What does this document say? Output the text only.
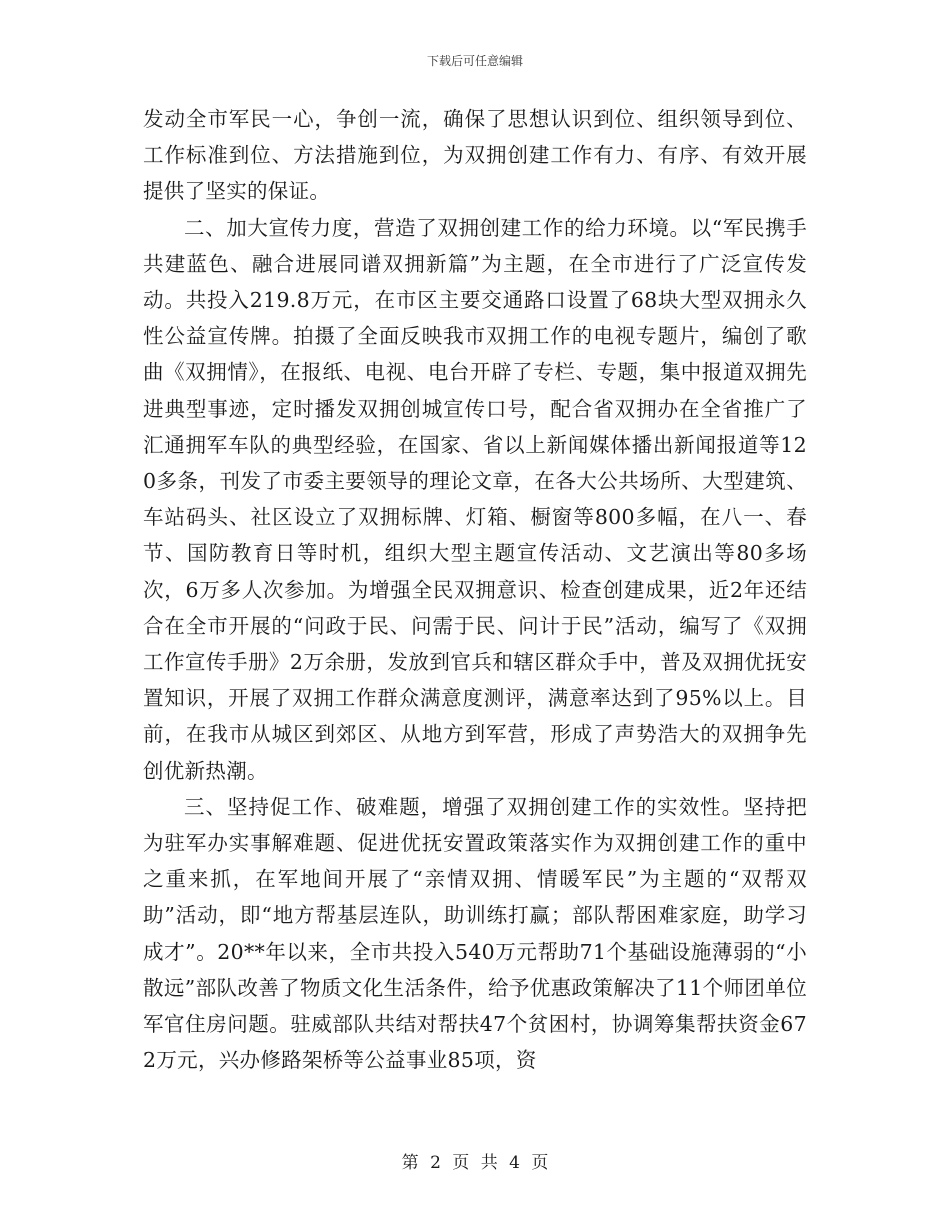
下载后可任意编辑

发动全市军民一心，争创一流，确保了思想认识到位、组织领导到位、工作标准到位、方法措施到位，为双拥创建工作有力、有序、有效开展提供了坚实的保证。

二、加大宣传力度，营造了双拥创建工作的给力环境。以“军民携手共建蓝色、融合进展同谱双拥新篇”为主题，在全市进行了广泛宣传发动。共投入219.8万元，在市区主要交通路口设置了68块大型双拥永久性公益宣传牌。拍摄了全面反映我市双拥工作的电视专题片，编创了歌曲《双拥情》，在报纸、电视、电台开辟了专栏、专题，集中报道双拥先进典型事迹，定时播发双拥创城宣传口号，配合省双拥办在全省推广了汇通拥军车队的典型经验，在国家、省以上新闻媒体播出新闻报道等120多条，刊发了市委主要领导的理论文章，在各大公共场所、大型建筑、车站码头、社区设立了双拥标牌、灯箱、橱窗等800多幅，在八一、春节、国防教育日等时机，组织大型主题宣传活动、文艺演出等80多场次，6万多人次参加。为增强全民双拥意识、检查创建成果，近2年还结合在全市开展的“问政于民、问需于民、问计于民”活动，编写了《双拥工作宣传手册》2万余册，发放到官兵和辖区群众手中，普及双拥优抚安置知识，开展了双拥工作群众满意度测评，满意率达到了95%以上。目前，在我市从城区到郊区、从地方到军营，形成了声势浩大的双拥争先创优新热潮。

三、坚持促工作、破难题，增强了双拥创建工作的实效性。坚持把为驻军办实事解难题、促进优抚安置政策落实作为双拥创建工作的重中之重来抓，在军地间开展了“亲情双拥、情暖军民”为主题的“双帮双助”活动，即“地方帮基层连队，助训练打赢；部队帮困难家庭，助学习成才”。20**年以来，全市共投入540万元帮助71个基础设施薄弱的“小散远”部队改善了物质文化生活条件，给予优惠政策解决了11个师团单位军官住房问题。驻威部队共结对帮扶47个贫困村，协调筹集帮扶资金672万元，兴办修路架桥等公益事业85项，资

第 2 页 共 4 页
